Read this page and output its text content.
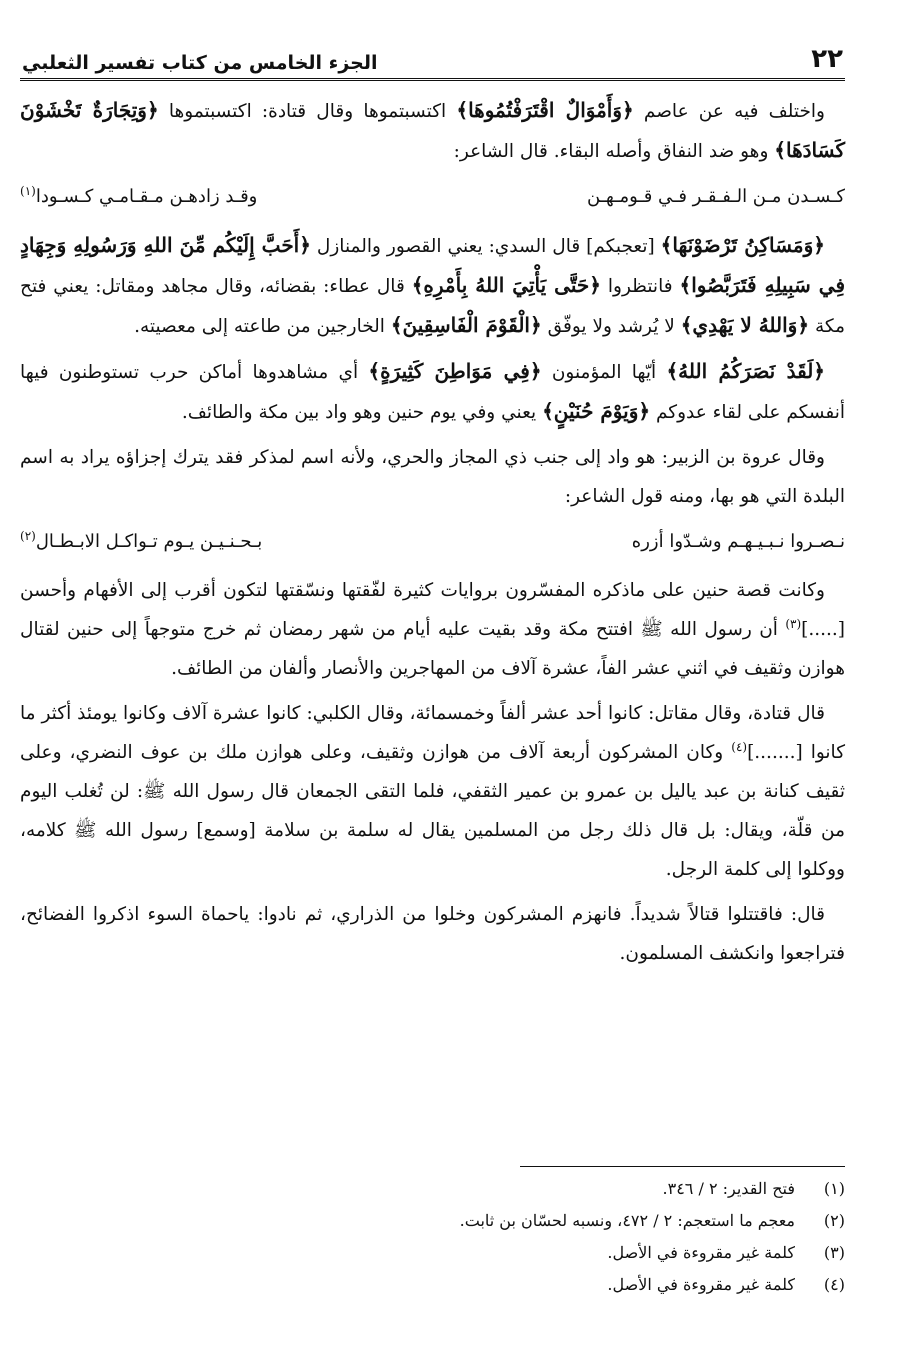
٢٢
الجزء الخامس من كتاب تفسير الثعلبي

واختلف فيه عن عاصم ﴿وَأَمْوَالٌ اقْتَرَفْتُمُوهَا﴾ اكتسبتموها وقال قتادة: اكتسبتموها ﴿وَتِجَارَةٌ تَخْشَوْنَ كَسَادَهَا﴾ وهو ضد النفاق وأصله البقاء. قال الشاعر:

كـسـدن مـن الـفـقـر فـي قـومـهـن
وقـد زادهـن مـقـامـي كـسـودا$^{(١)}$

﴿وَمَسَاكِنُ تَرْضَوْنَهَا﴾ [تعجبكم] قال السدي: يعني القصور والمنازل ﴿أَحَبَّ إِلَيْكُم مِّنَ اللهِ وَرَسُولِهِ وَجِهَادٍ فِي سَبِيلِهِ فَتَرَبَّصُوا﴾ فانتظروا ﴿حَتَّى يَأْتِيَ اللهُ بِأَمْرِهِ﴾ قال عطاء: بقضائه، وقال مجاهد ومقاتل: يعني فتح مكة ﴿وَاللهُ لا يَهْدِي﴾ لا يُرشد ولا يوفّق ﴿الْقَوْمَ الْفَاسِقِينَ﴾ الخارجين من طاعته إلى معصيته.

﴿لَقَدْ نَصَرَكُمُ اللهُ﴾ أيّها المؤمنون ﴿فِي مَوَاطِنَ كَثِيرَةٍ﴾ أي مشاهدوها أماكن حرب تستوطنون فيها أنفسكم على لقاء عدوكم ﴿وَيَوْمَ حُنَيْنٍ﴾ يعني وفي يوم حنين وهو واد بين مكة والطائف.

وقال عروة بن الزبير: هو واد إلى جنب ذي المجاز والحري، ولأنه اسم لمذكر فقد يترك إجزاؤه يراد به اسم البلدة التي هو بها، ومنه قول الشاعر:

نـصـروا نـبـيـهـم وشـدّوا أزره
بـحـنـيـن يـوم تـواكـل الابـطـال$^{(٢)}$

وكانت قصة حنين على ماذكره المفسّرون بروايات كثيرة لفّقتها ونسّقتها لتكون أقرب إلى الأفهام وأحسن [.....]$^{(٣)}$ أن رسول الله ﷺ افتتح مكة وقد بقيت عليه أيام من شهر رمضان ثم خرج متوجهاً إلى حنين لقتال هوازن وثقيف في اثني عشر الفاً، عشرة آلاف من المهاجرين والأنصار وألفان من الطائف.

قال قتادة، وقال مقاتل: كانوا أحد عشر ألفاً وخمسمائة، وقال الكلبي: كانوا عشرة آلاف وكانوا يومئذ أكثر ما كانوا [.......]$^{(٤)}$ وكان المشركون أربعة آلاف من هوازن وثقيف، وعلى هوازن ملك بن عوف النضري، وعلى ثقيف كنانة بن عبد ياليل بن عمرو بن عمير الثقفي، فلما التقى الجمعان قال رسول الله ﷺ: لن تُغلب اليوم من قلّة، ويقال: بل قال ذلك رجل من المسلمين يقال له سلمة بن سلامة [وسمع] رسول الله ﷺ كلامه، ووكلوا إلى كلمة الرجل.

قال: فاقتتلوا قتالاً شديداً. فانهزم المشركون وخلوا من الذراري، ثم نادوا: ياحماة السوء اذكروا الفضائح، فتراجعوا وانكشف المسلمون.

(١)
فتح القدير: ٢ / ٣٤٦.
(٢)
معجم ما استعجم: ٢ / ٤٧٢، ونسبه لحسّان بن ثابت.
(٣)
كلمة غير مقروءة في الأصل.
(٤)
كلمة غير مقروءة في الأصل.
